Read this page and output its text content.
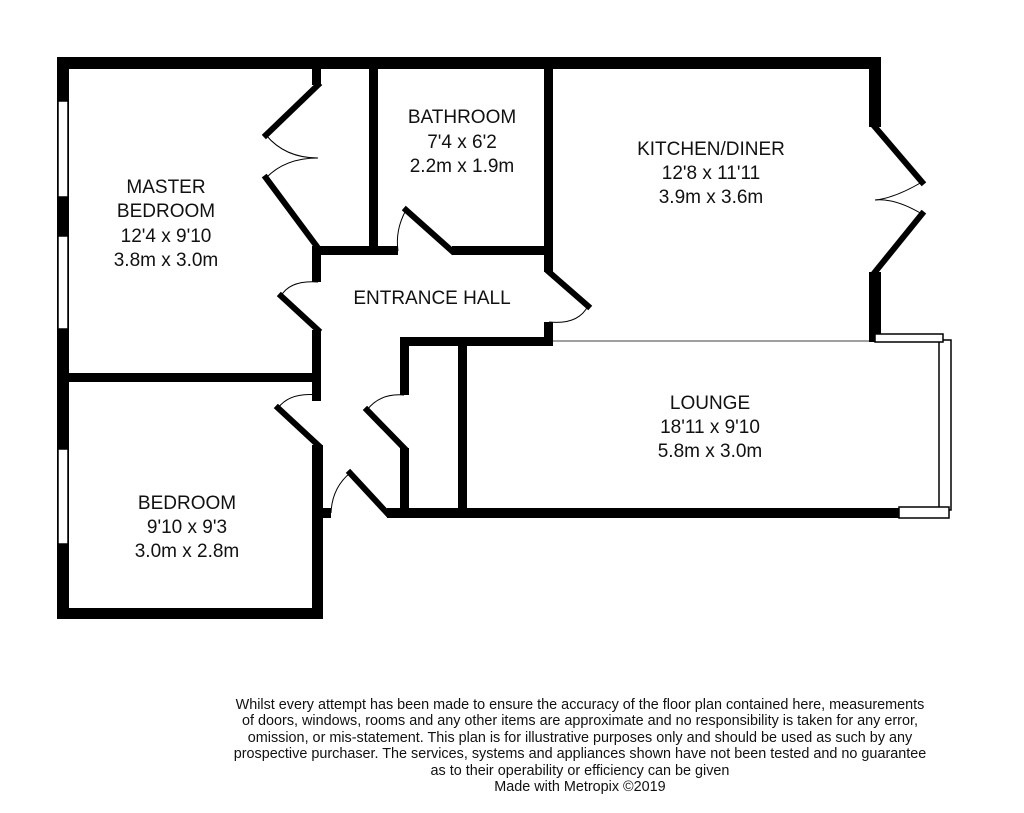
MASTER
BEDROOM
12'4 x 9'10
3.8m x 3.0m
BATHROOM
7'4 x 6'2
2.2m x 1.9m
KITCHEN/DINER
12'8 x 11'11
3.9m x 3.6m
ENTRANCE HALL
LOUNGE
18'11 x 9'10
5.8m x 3.0m
BEDROOM
9'10 x 9'3
3.0m x 2.8m
Whilst every attempt has been made to ensure the accuracy of the floor plan contained here, measurements
of doors, windows, rooms and any other items are approximate and no responsibility is taken for any error,
omission, or mis-statement. This plan is for illustrative purposes only and should be used as such by any
prospective purchaser. The services, systems and appliances shown have not been tested and no guarantee
as to their operability or efficiency can be given
Made with Metropix ©2019
